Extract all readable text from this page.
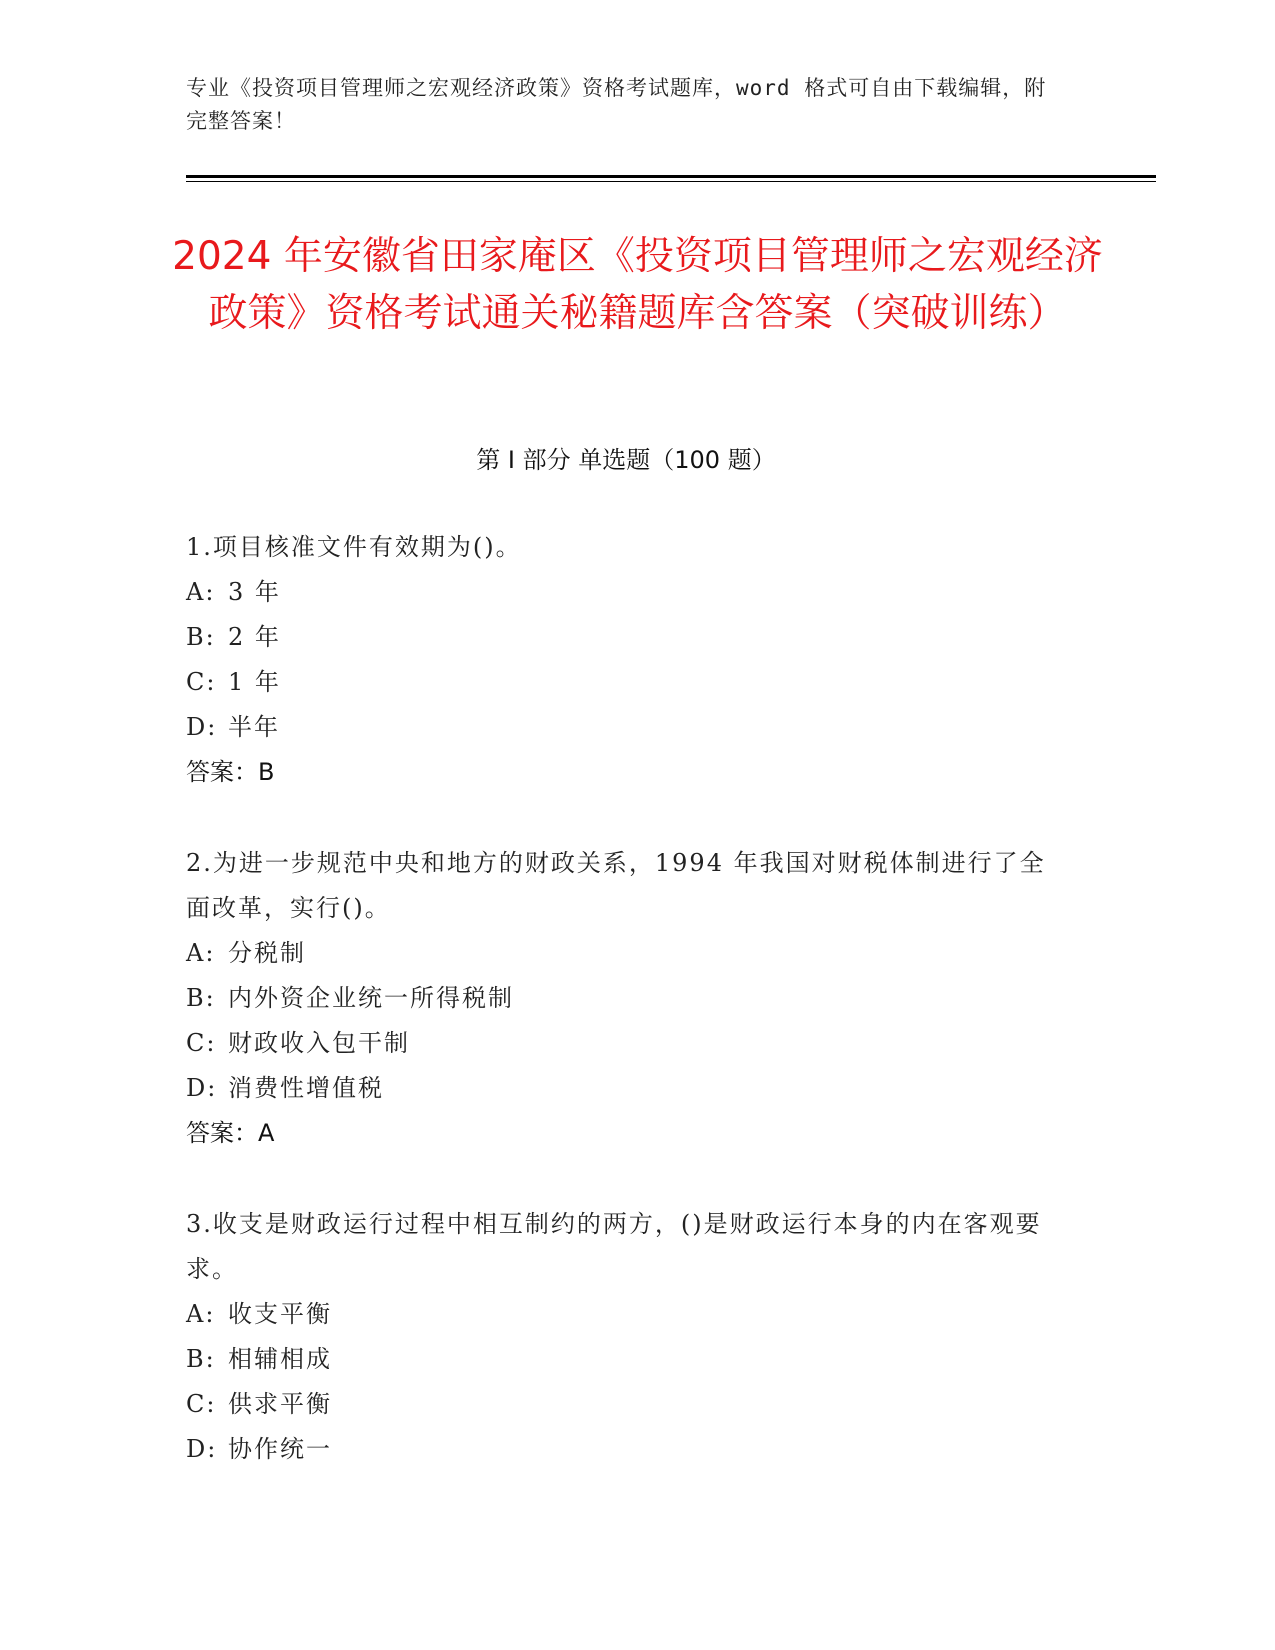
专业《投资项目管理师之宏观经济政策》资格考试题库，word 格式可自由下载编辑，附完整答案！
2024 年安徽省田家庵区《投资项目管理师之宏观经济政策》资格考试通关秘籍题库含答案（突破训练）
第 I 部分 单选题（100 题）

1.项目核准文件有效期为()。

A: 3 年

B: 2 年

C: 1 年

D: 半年

答案：B

2.为进一步规范中央和地方的财政关系，1994 年我国对财税体制进行了全面改革，实行()。

A: 分税制

B: 内外资企业统一所得税制

C: 财政收入包干制

D: 消费性增值税

答案：A

3.收支是财政运行过程中相互制约的两方，()是财政运行本身的内在客观要求。

A: 收支平衡

B: 相辅相成

C: 供求平衡

D: 协作统一
